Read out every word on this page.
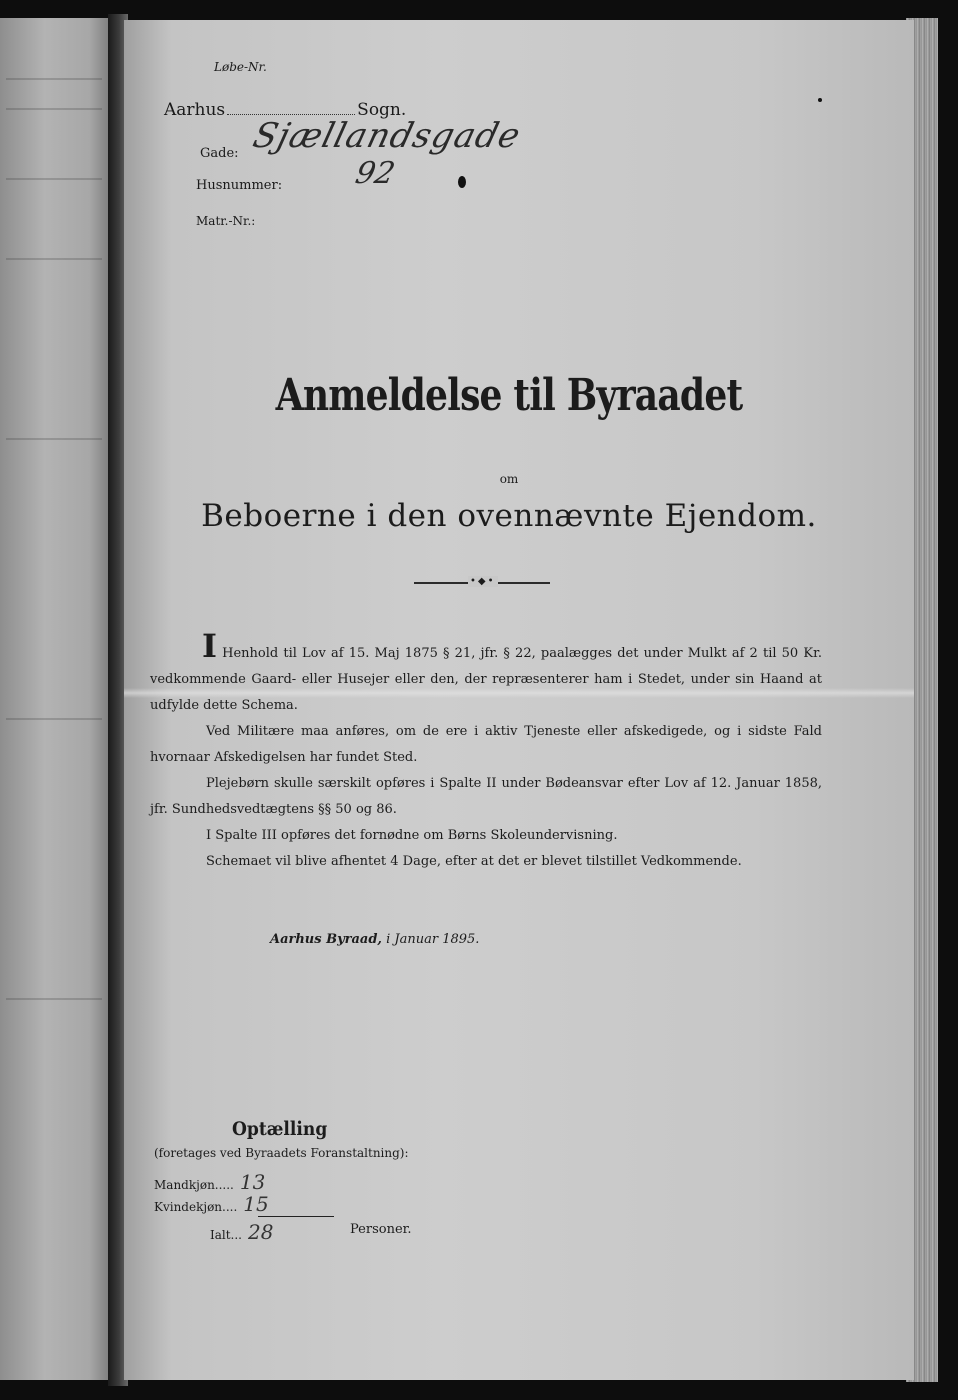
Løbe-Nr.
Aarhus	Sogn.
Gade: Sjællandsgade
Husnummer: 92
Matr.-Nr.:
Anmeldelse til Byraadet
om
Beboerne i den ovennævnte Ejendom.
•◆•

I Henhold til Lov af 15. Maj 1875 § 21, jfr. § 22, paalægges det under Mulkt af 2 til 50 Kr. vedkommende Gaard- eller Husejer eller den, der repræsenterer ham i Stedet, under sin Haand at udfylde dette Schema.

Ved Militære maa anføres, om de ere i aktiv Tjeneste eller afskedigede, og i sidste Fald hvornaar Afskedigelsen har fundet Sted.

Plejebørn skulle særskilt opføres i Spalte II under Bødeansvar efter Lov af 12. Januar 1858, jfr. Sundhedsvedtægtens §§ 50 og 86.

I Spalte III opføres det fornødne om Børns Skoleundervisning.

Schemaet vil blive afhentet 4 Dage, efter at det er blevet tilstillet Vedkommende.

Aarhus Byraad, i Januar 1895.
Optælling
(foretages ved Byraadets Foranstaltning):
Mandkjøn..... 13
Kvindekjøn.... 15
Ialt... 28	Personer.
